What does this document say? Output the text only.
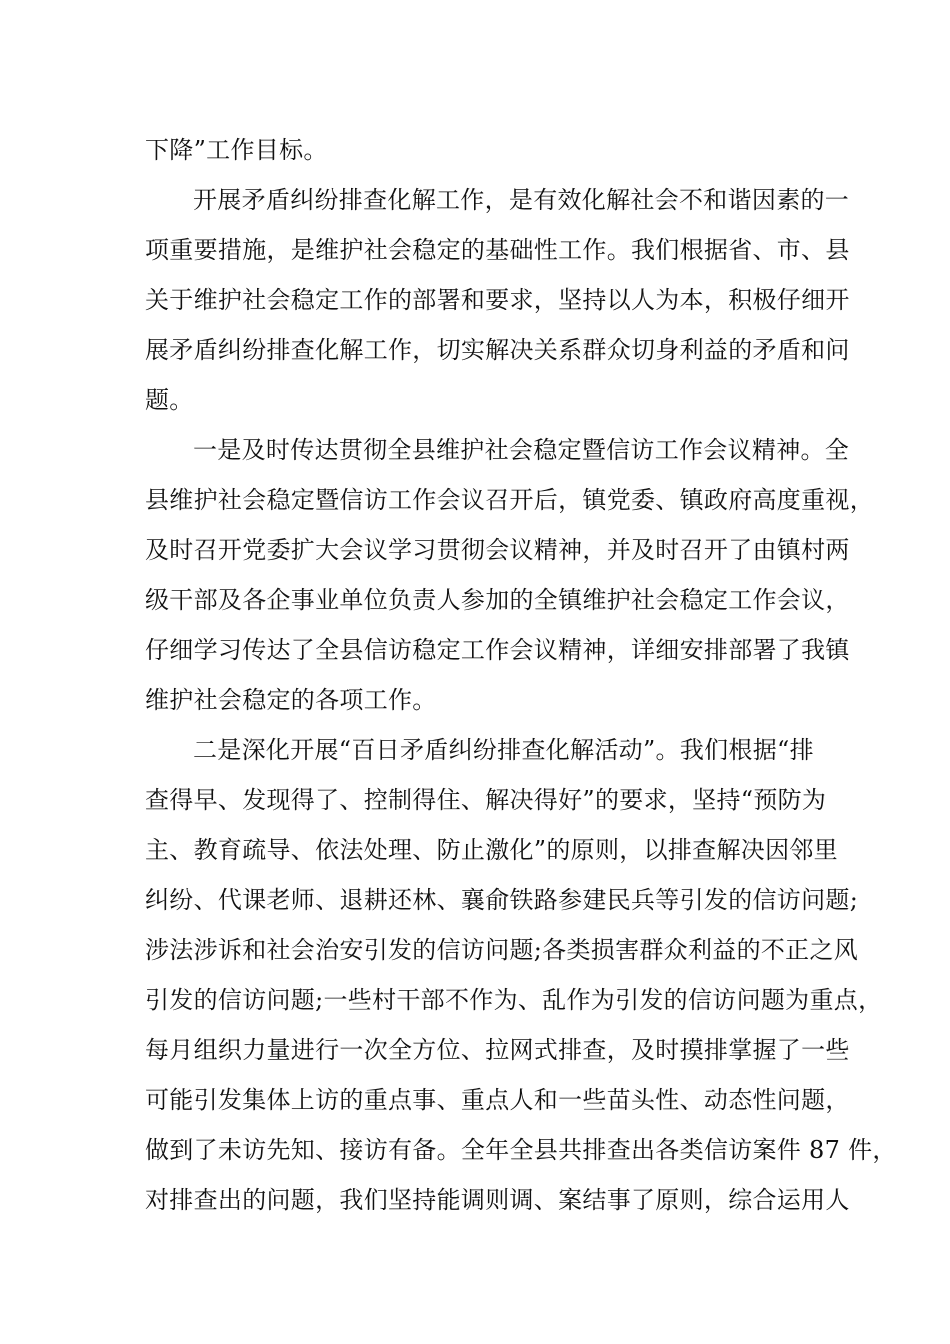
下降”工作目标。
开展矛盾纠纷排查化解工作，是有效化解社会不和谐因素的一
项重要措施，是维护社会稳定的基础性工作。我们根据省、市、县
关于维护社会稳定工作的部署和要求，坚持以人为本，积极仔细开
展矛盾纠纷排查化解工作，切实解决关系群众切身利益的矛盾和问
题。
一是及时传达贯彻全县维护社会稳定暨信访工作会议精神。全
县维护社会稳定暨信访工作会议召开后，镇党委、镇政府高度重视，
及时召开党委扩大会议学习贯彻会议精神，并及时召开了由镇村两
级干部及各企事业单位负责人参加的全镇维护社会稳定工作会议，
仔细学习传达了全县信访稳定工作会议精神，详细安排部署了我镇
维护社会稳定的各项工作。
二是深化开展“百日矛盾纠纷排查化解活动”。我们根据“排
查得早、发现得了、控制得住、解决得好”的要求，坚持“预防为
主、教育疏导、依法处理、防止激化”的原则，以排查解决因邻里
纠纷、代课老师、退耕还林、襄俞铁路参建民兵等引发的信访问题;
涉法涉诉和社会治安引发的信访问题;各类损害群众利益的不正之风
引发的信访问题;一些村干部不作为、乱作为引发的信访问题为重点，
每月组织力量进行一次全方位、拉网式排查，及时摸排掌握了一些
可能引发集体上访的重点事、重点人和一些苗头性、动态性问题，
做到了未访先知、接访有备。全年全县共排查出各类信访案件 87 件，
对排查出的问题，我们坚持能调则调、案结事了原则，综合运用人
